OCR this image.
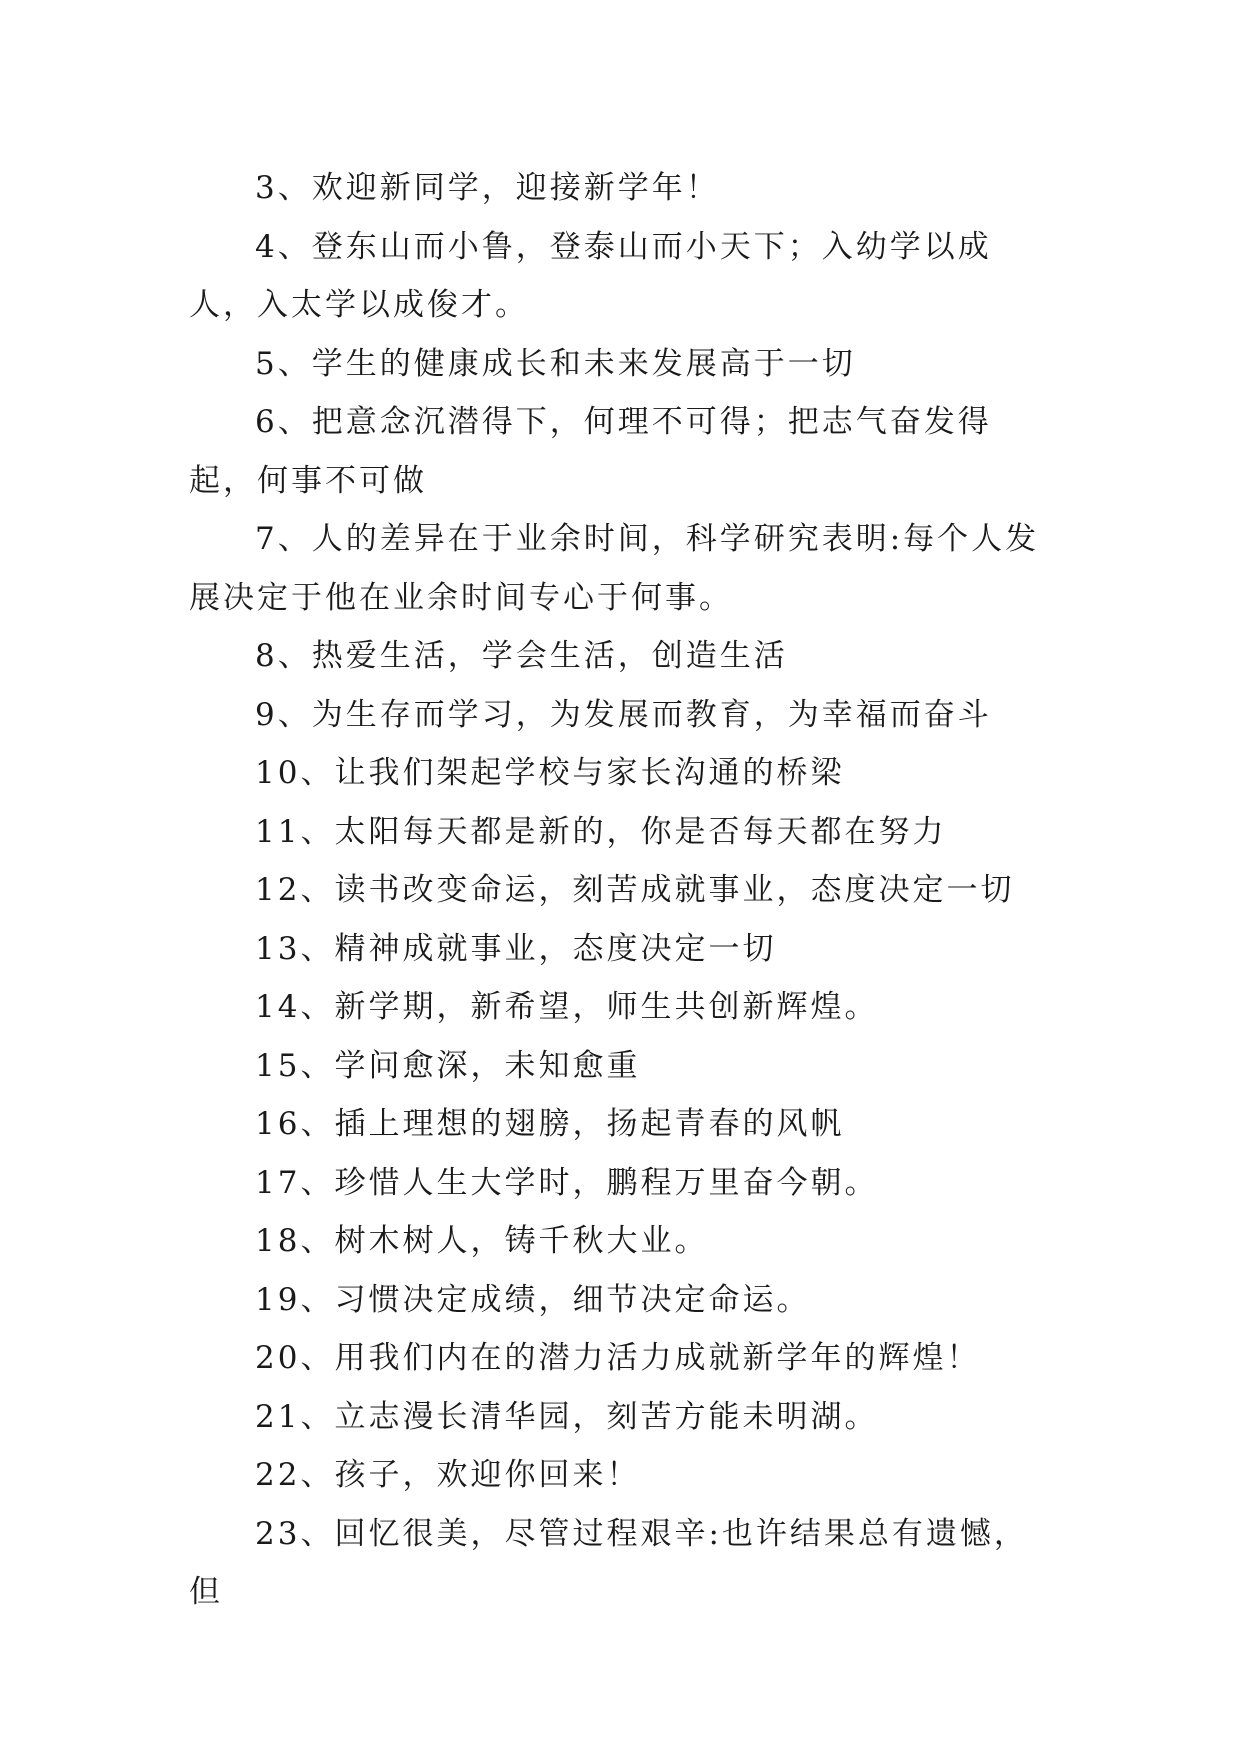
3、欢迎新同学，迎接新学年！

4、登东山而小鲁，登泰山而小天下；入幼学以成人，入太学以成俊才。

5、学生的健康成长和未来发展高于一切

6、把意念沉潜得下，何理不可得；把志气奋发得起，何事不可做

7、人的差异在于业余时间，科学研究表明:每个人发展决定于他在业余时间专心于何事。

8、热爱生活，学会生活，创造生活

9、为生存而学习，为发展而教育，为幸福而奋斗

10、让我们架起学校与家长沟通的桥梁

11、太阳每天都是新的，你是否每天都在努力

12、读书改变命运，刻苦成就事业，态度决定一切

13、精神成就事业，态度决定一切

14、新学期，新希望，师生共创新辉煌。

15、学问愈深，未知愈重

16、插上理想的翅膀，扬起青春的风帆

17、珍惜人生大学时，鹏程万里奋今朝。

18、树木树人，铸千秋大业。

19、习惯决定成绩，细节决定命运。

20、用我们内在的潜力活力成就新学年的辉煌！

21、立志漫长清华园，刻苦方能未明湖。

22、孩子，欢迎你回来！

23、回忆很美，尽管过程艰辛:也许结果总有遗憾，但
